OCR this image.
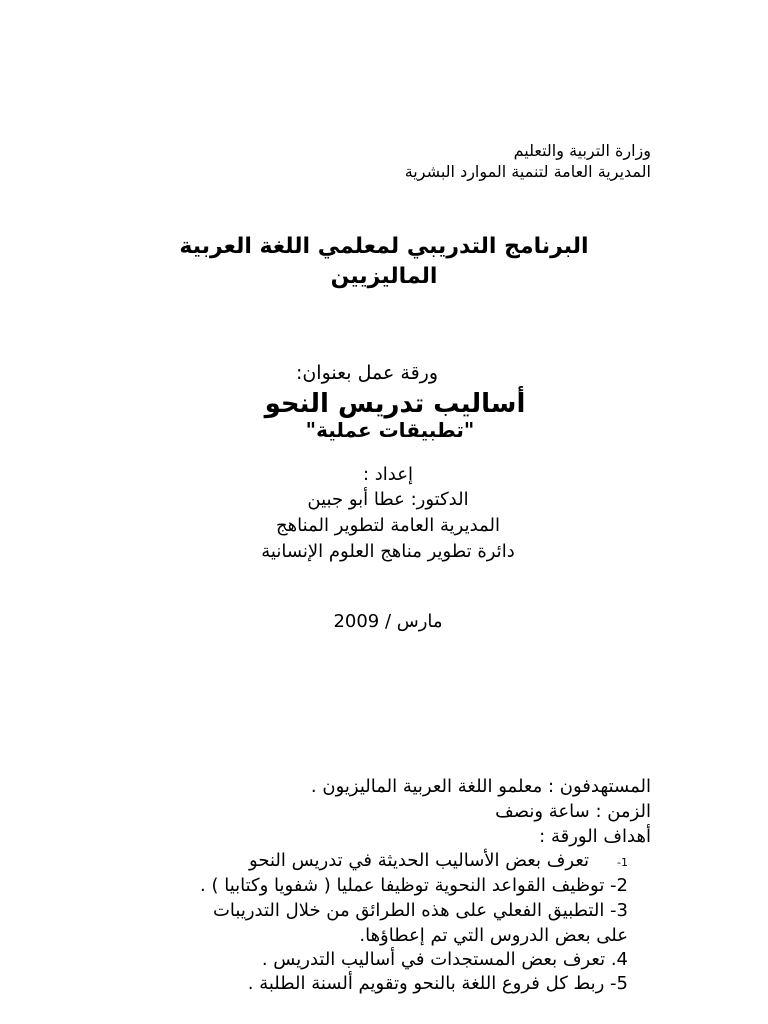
وزارة التربية والتعليم
المديرية العامة لتنمية الموارد البشرية
البرنامج التدريبي لمعلمي اللغة العربية
الماليزيين
ورقة عمل بعنوان:
أساليب تدريس النحو
"تطبيقات عملية"
إعداد :
الدكتور: عطا أبو جبين
المديرية العامة لتطوير المناهج
دائرة تطوير مناهج العلوم الإنسانية
مارس / 2009
المستهدفون : معلمو اللغة العربية الماليزيون .
الزمن : ساعة ونصف
أهداف الورقة :
1-تعرف بعض الأساليب الحديثة في تدريس النحو
2- توظيف القواعد النحوية توظيفا عمليا ( شفويا وكتابيا ) .
3- التطبيق الفعلي على هذه الطرائق من خلال التدريبات
على بعض الدروس التي تم إعطاؤها.
4. تعرف بعض المستجدات في أساليب التدريس .
5- ربط كل فروع اللغة بالنحو وتقويم ألسنة الطلبة .
